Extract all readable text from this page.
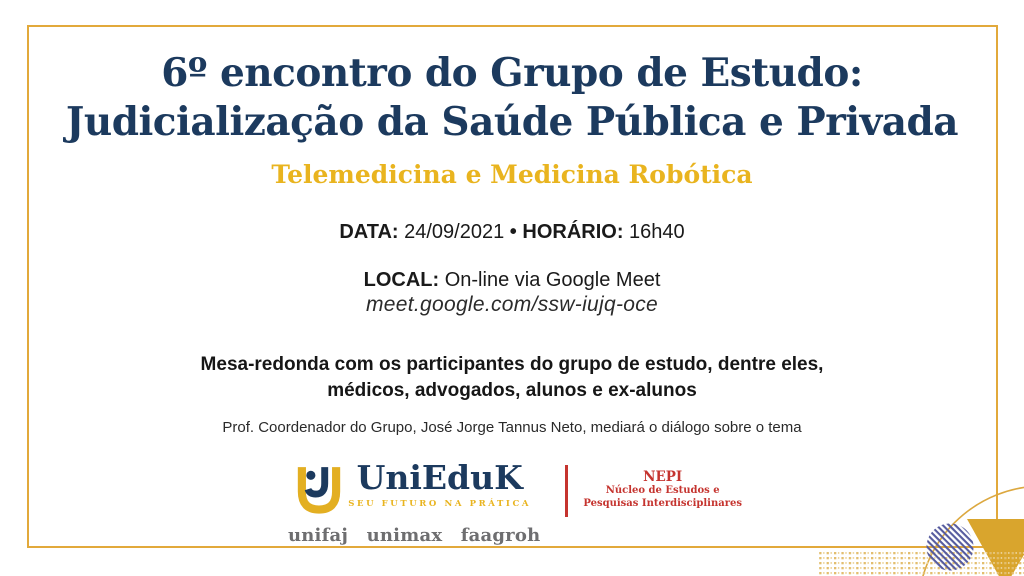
6º encontro do Grupo de Estudo:
Judicialização da Saúde Pública e Privada
Telemedicina e Medicina Robótica
DATA: 24/09/2021 • HORÁRIO: 16h40
LOCAL: On-line via Google Meet
meet.google.com/ssw-iujq-oce
Mesa-redonda com os participantes do grupo de estudo, dentre eles,
médicos, advogados, alunos e ex-alunos
Prof. Coordenador do Grupo, José Jorge Tannus Neto, mediará o diálogo sobre o tema
UniEduK
SEU FUTURO NA PRÁTICA
unifaj unimax faagroh
NEPI
Núcleo de Estudos e
Pesquisas Interdisciplinares
